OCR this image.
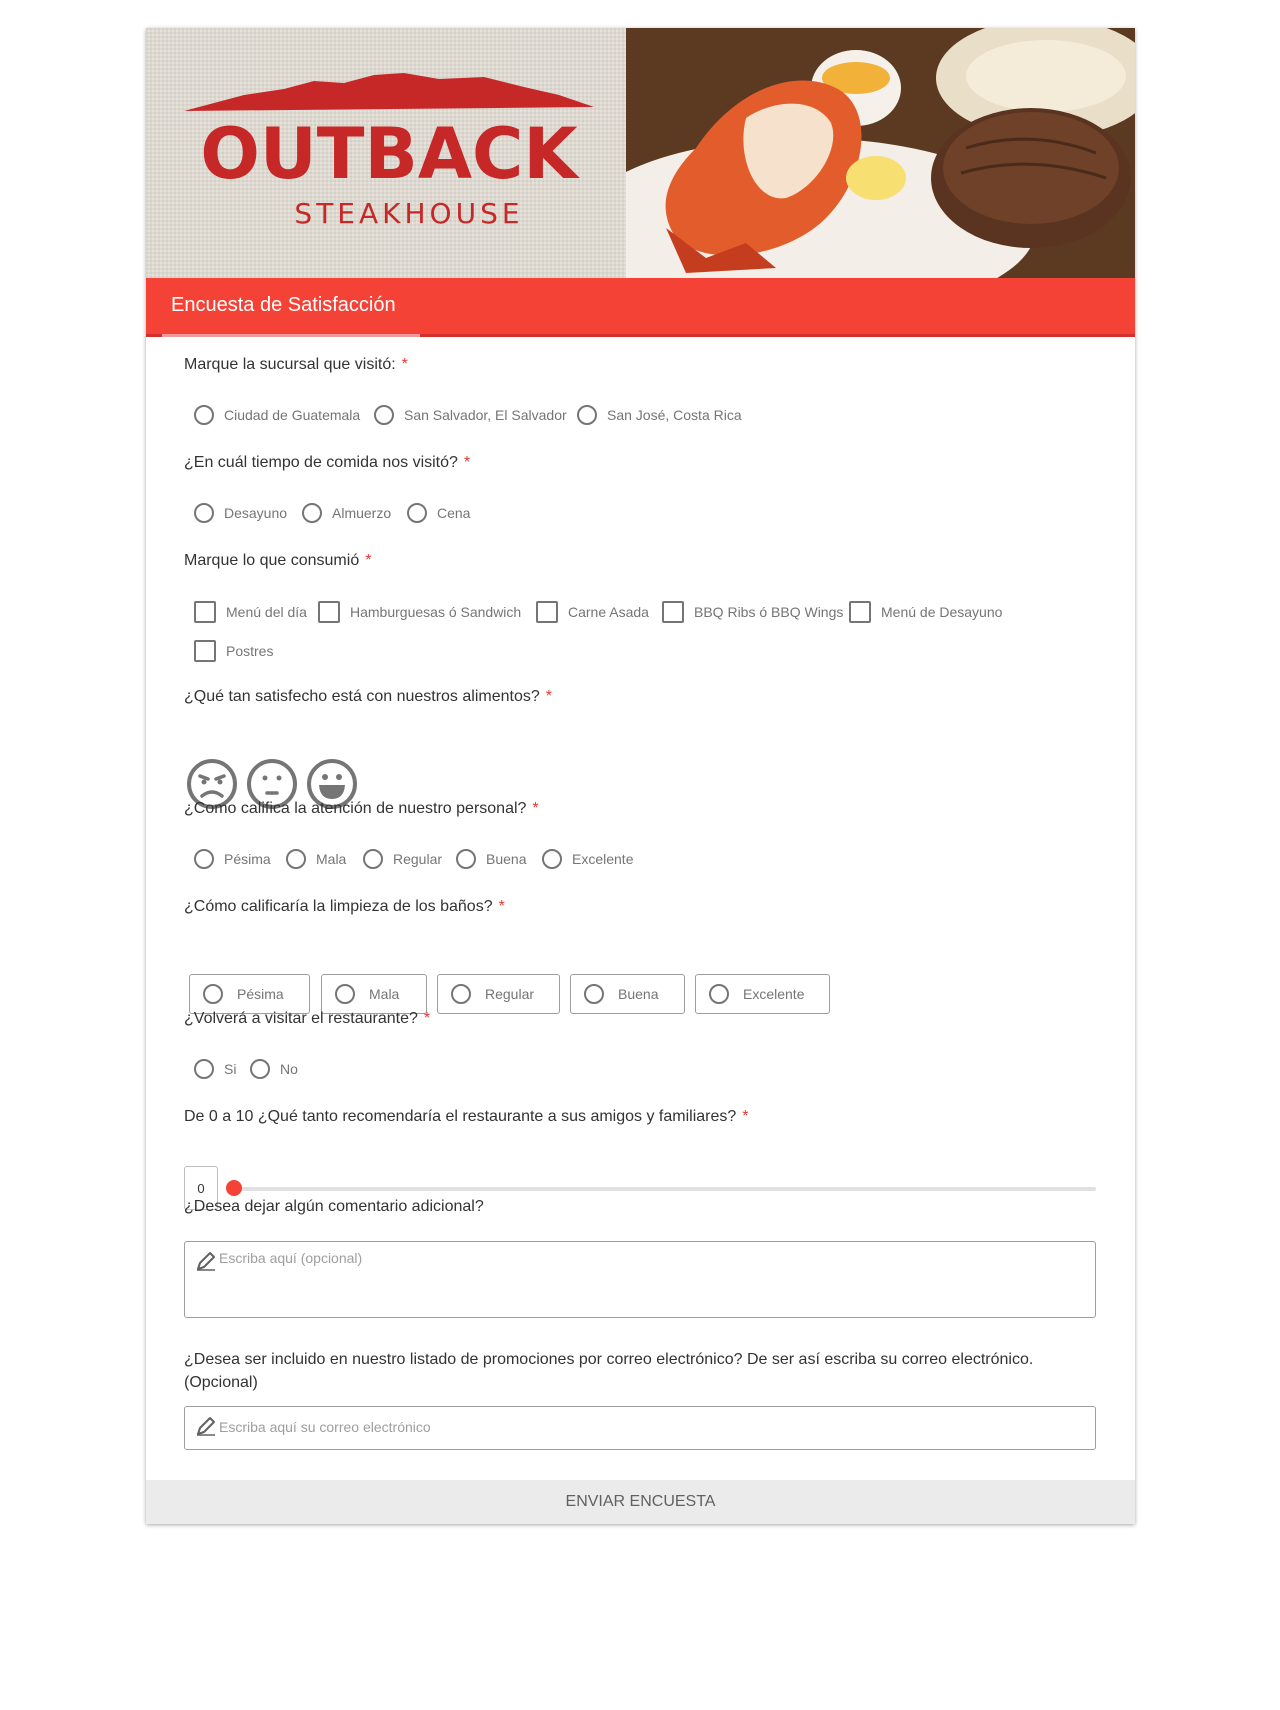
OUTBACK
STEAKHOUSE
Encuesta de Satisfacción
Marque la sucursal que visitó: *
Ciudad de Guatemala	San Salvador, El Salvador	San José, Costa Rica
¿En cuál tiempo de comida nos visitó? *
Desayuno	Almuerzo	Cena
Marque lo que consumió *
Menú del día	Hamburguesas ó Sandwich	Carne Asada	BBQ Ribs ó BBQ Wings	Menú de Desayuno
Postres
¿Qué tan satisfecho está con nuestros alimentos? *
¿Como califica la atención de nuestro personal? *
Pésima	Mala	Regular	Buena	Excelente
¿Cómo calificaría la limpieza de los baños? *
Pésima	Mala	Regular	Buena	Excelente
¿Volverá a visitar el restaurante? *
Si	No
De 0 a 10 ¿Qué tanto recomendaría el restaurante a sus amigos y familiares? *
0
¿Desea dejar algún comentario adicional?
Escriba aquí (opcional)
¿Desea ser incluido en nuestro listado de promociones por correo electrónico? De ser así escriba su correo electrónico. (Opcional)
Escriba aquí su correo electrónico
ENVIAR ENCUESTA
